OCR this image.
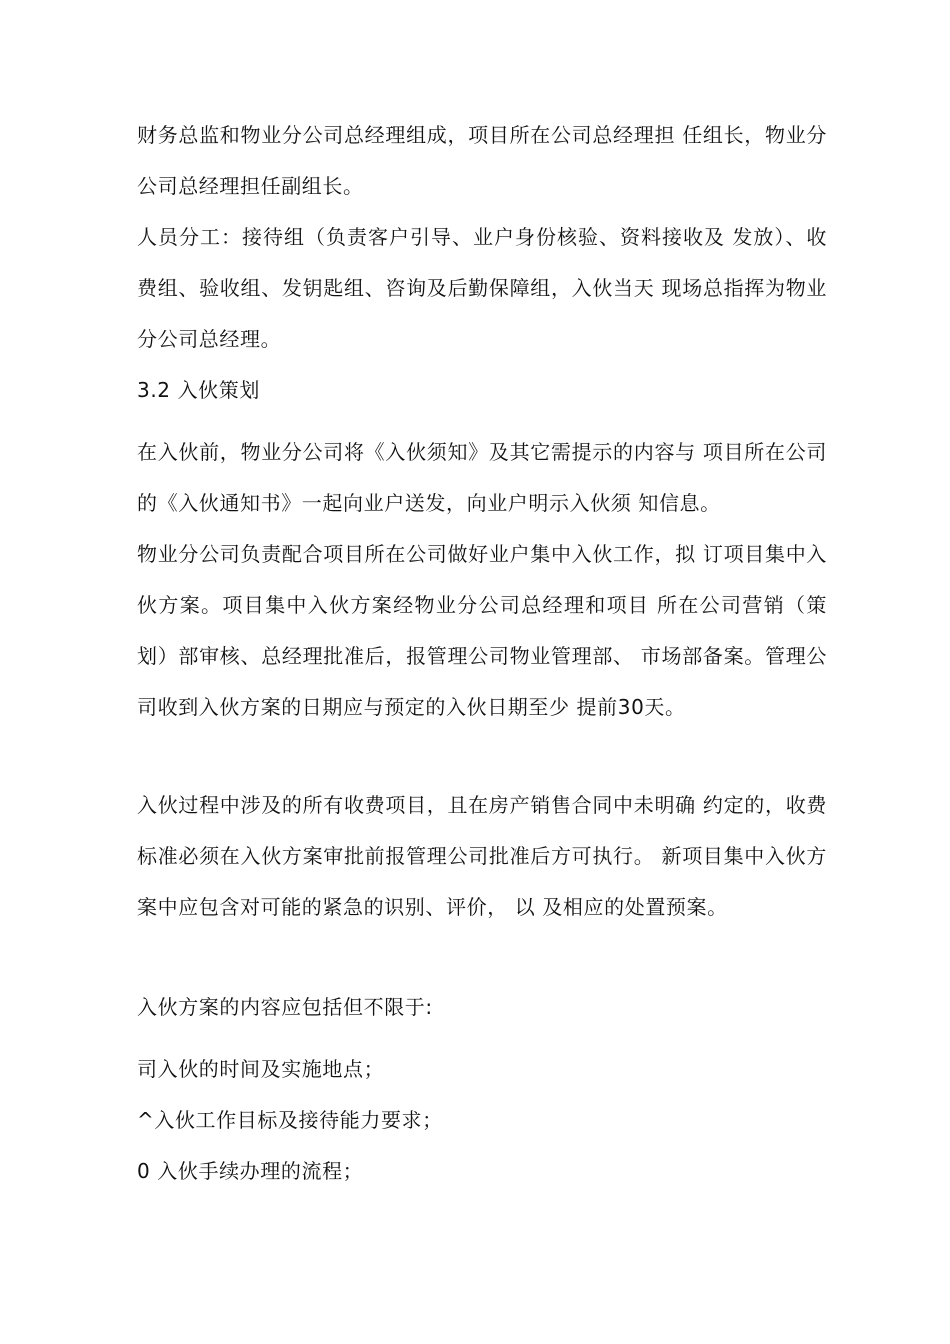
财务总监和物业分公司总经理组成，项目所在公司总经理担 任组长，物业分公司总经理担任副组长。

人员分工：接待组（负责客户引导、业户身份核验、资料接收及 发放）、收费组、验收组、发钥匙组、咨询及后勤保障组，入伙当天 现场总指挥为物业分公司总经理。

3.2 入伙策划

在入伙前，物业分公司将《入伙须知》及其它需提示的内容与 项目所在公司的《入伙通知书》一起向业户送发，向业户明示入伙须 知信息。

物业分公司负责配合项目所在公司做好业户集中入伙工作，拟 订项目集中入伙方案。项目集中入伙方案经物业分公司总经理和项目 所在公司营销（策划）部审核、总经理批准后，报管理公司物业管理部、 市场部备案。管理公司收到入伙方案的日期应与预定的入伙日期至少 提前30天。

入伙过程中涉及的所有收费项目，且在房产销售合同中未明确 约定的，收费标准必须在入伙方案审批前报管理公司批准后方可执行。 新项目集中入伙方案中应包含对可能的紧急的识别、评价， 以 及相应的处置预案。

入伙方案的内容应包括但不限于:
司入伙的时间及实施地点；
^入伙工作目标及接待能力要求；
0 入伙手续办理的流程；
